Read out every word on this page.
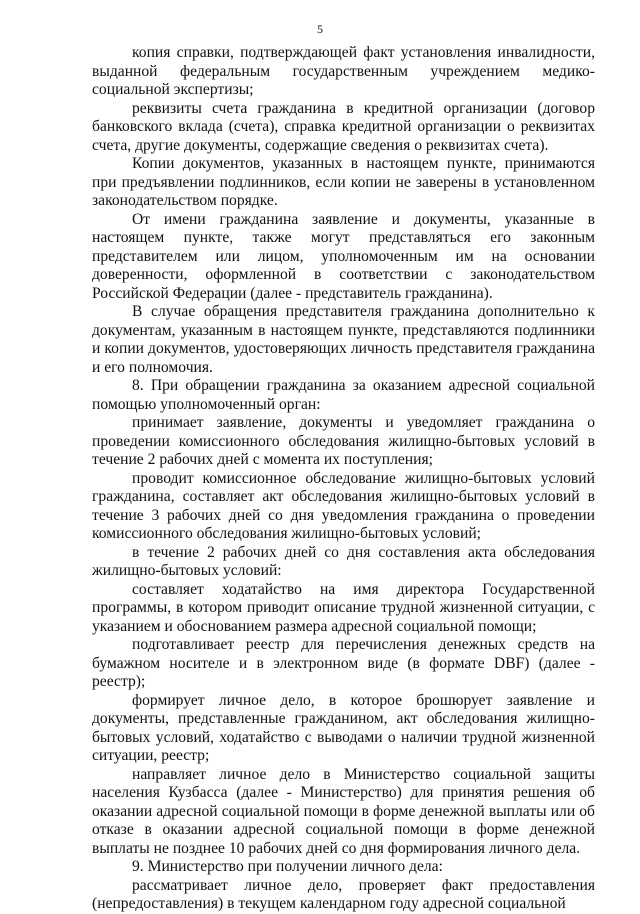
5

копия справки, подтверждающей факт установления инвалидности, выданной федеральным государственным учреждением медико-социальной экспертизы;

реквизиты счета гражданина в кредитной организации (договор банковского вклада (счета), справка кредитной организации о реквизитах счета, другие документы, содержащие сведения о реквизитах счета).

Копии документов, указанных в настоящем пункте, принимаются при предъявлении подлинников, если копии не заверены в установленном законодательством порядке.

От имени гражданина заявление и документы, указанные в настоящем пункте, также могут представляться его законным представителем или лицом, уполномоченным им на основании доверенности, оформленной в соответствии с законодательством Российской Федерации (далее - представитель гражданина).

В случае обращения представителя гражданина дополнительно к документам, указанным в настоящем пункте, представляются подлинники и копии документов, удостоверяющих личность представителя гражданина и его полномочия.

8. При обращении гражданина за оказанием адресной социальной помощью уполномоченный орган:

принимает заявление, документы и уведомляет гражданина о проведении комиссионного обследования жилищно-бытовых условий в течение 2 рабочих дней с момента их поступления;

проводит комиссионное обследование жилищно-бытовых условий гражданина, составляет акт обследования жилищно-бытовых условий в течение 3 рабочих дней со дня уведомления гражданина о проведении комиссионного обследования жилищно-бытовых условий;

в течение 2 рабочих дней со дня составления акта обследования жилищно-бытовых условий:

составляет ходатайство на имя директора Государственной программы, в котором приводит описание трудной жизненной ситуации, с указанием и обоснованием размера адресной социальной помощи;

подготавливает реестр для перечисления денежных средств на бумажном носителе и в электронном виде (в формате DBF) (далее - реестр);

формирует личное дело, в которое брошюрует заявление и документы, представленные гражданином, акт обследования жилищно-бытовых условий, ходатайство с выводами о наличии трудной жизненной ситуации, реестр;

направляет личное дело в Министерство социальной защиты населения Кузбасса (далее - Министерство) для принятия решения об оказании адресной социальной помощи в форме денежной выплаты или об отказе в оказании адресной социальной помощи в форме денежной выплаты не позднее 10 рабочих дней со дня формирования личного дела.

9. Министерство при получении личного дела:

рассматривает личное дело, проверяет факт предоставления (непредоставления) в текущем календарном году адресной социальной
